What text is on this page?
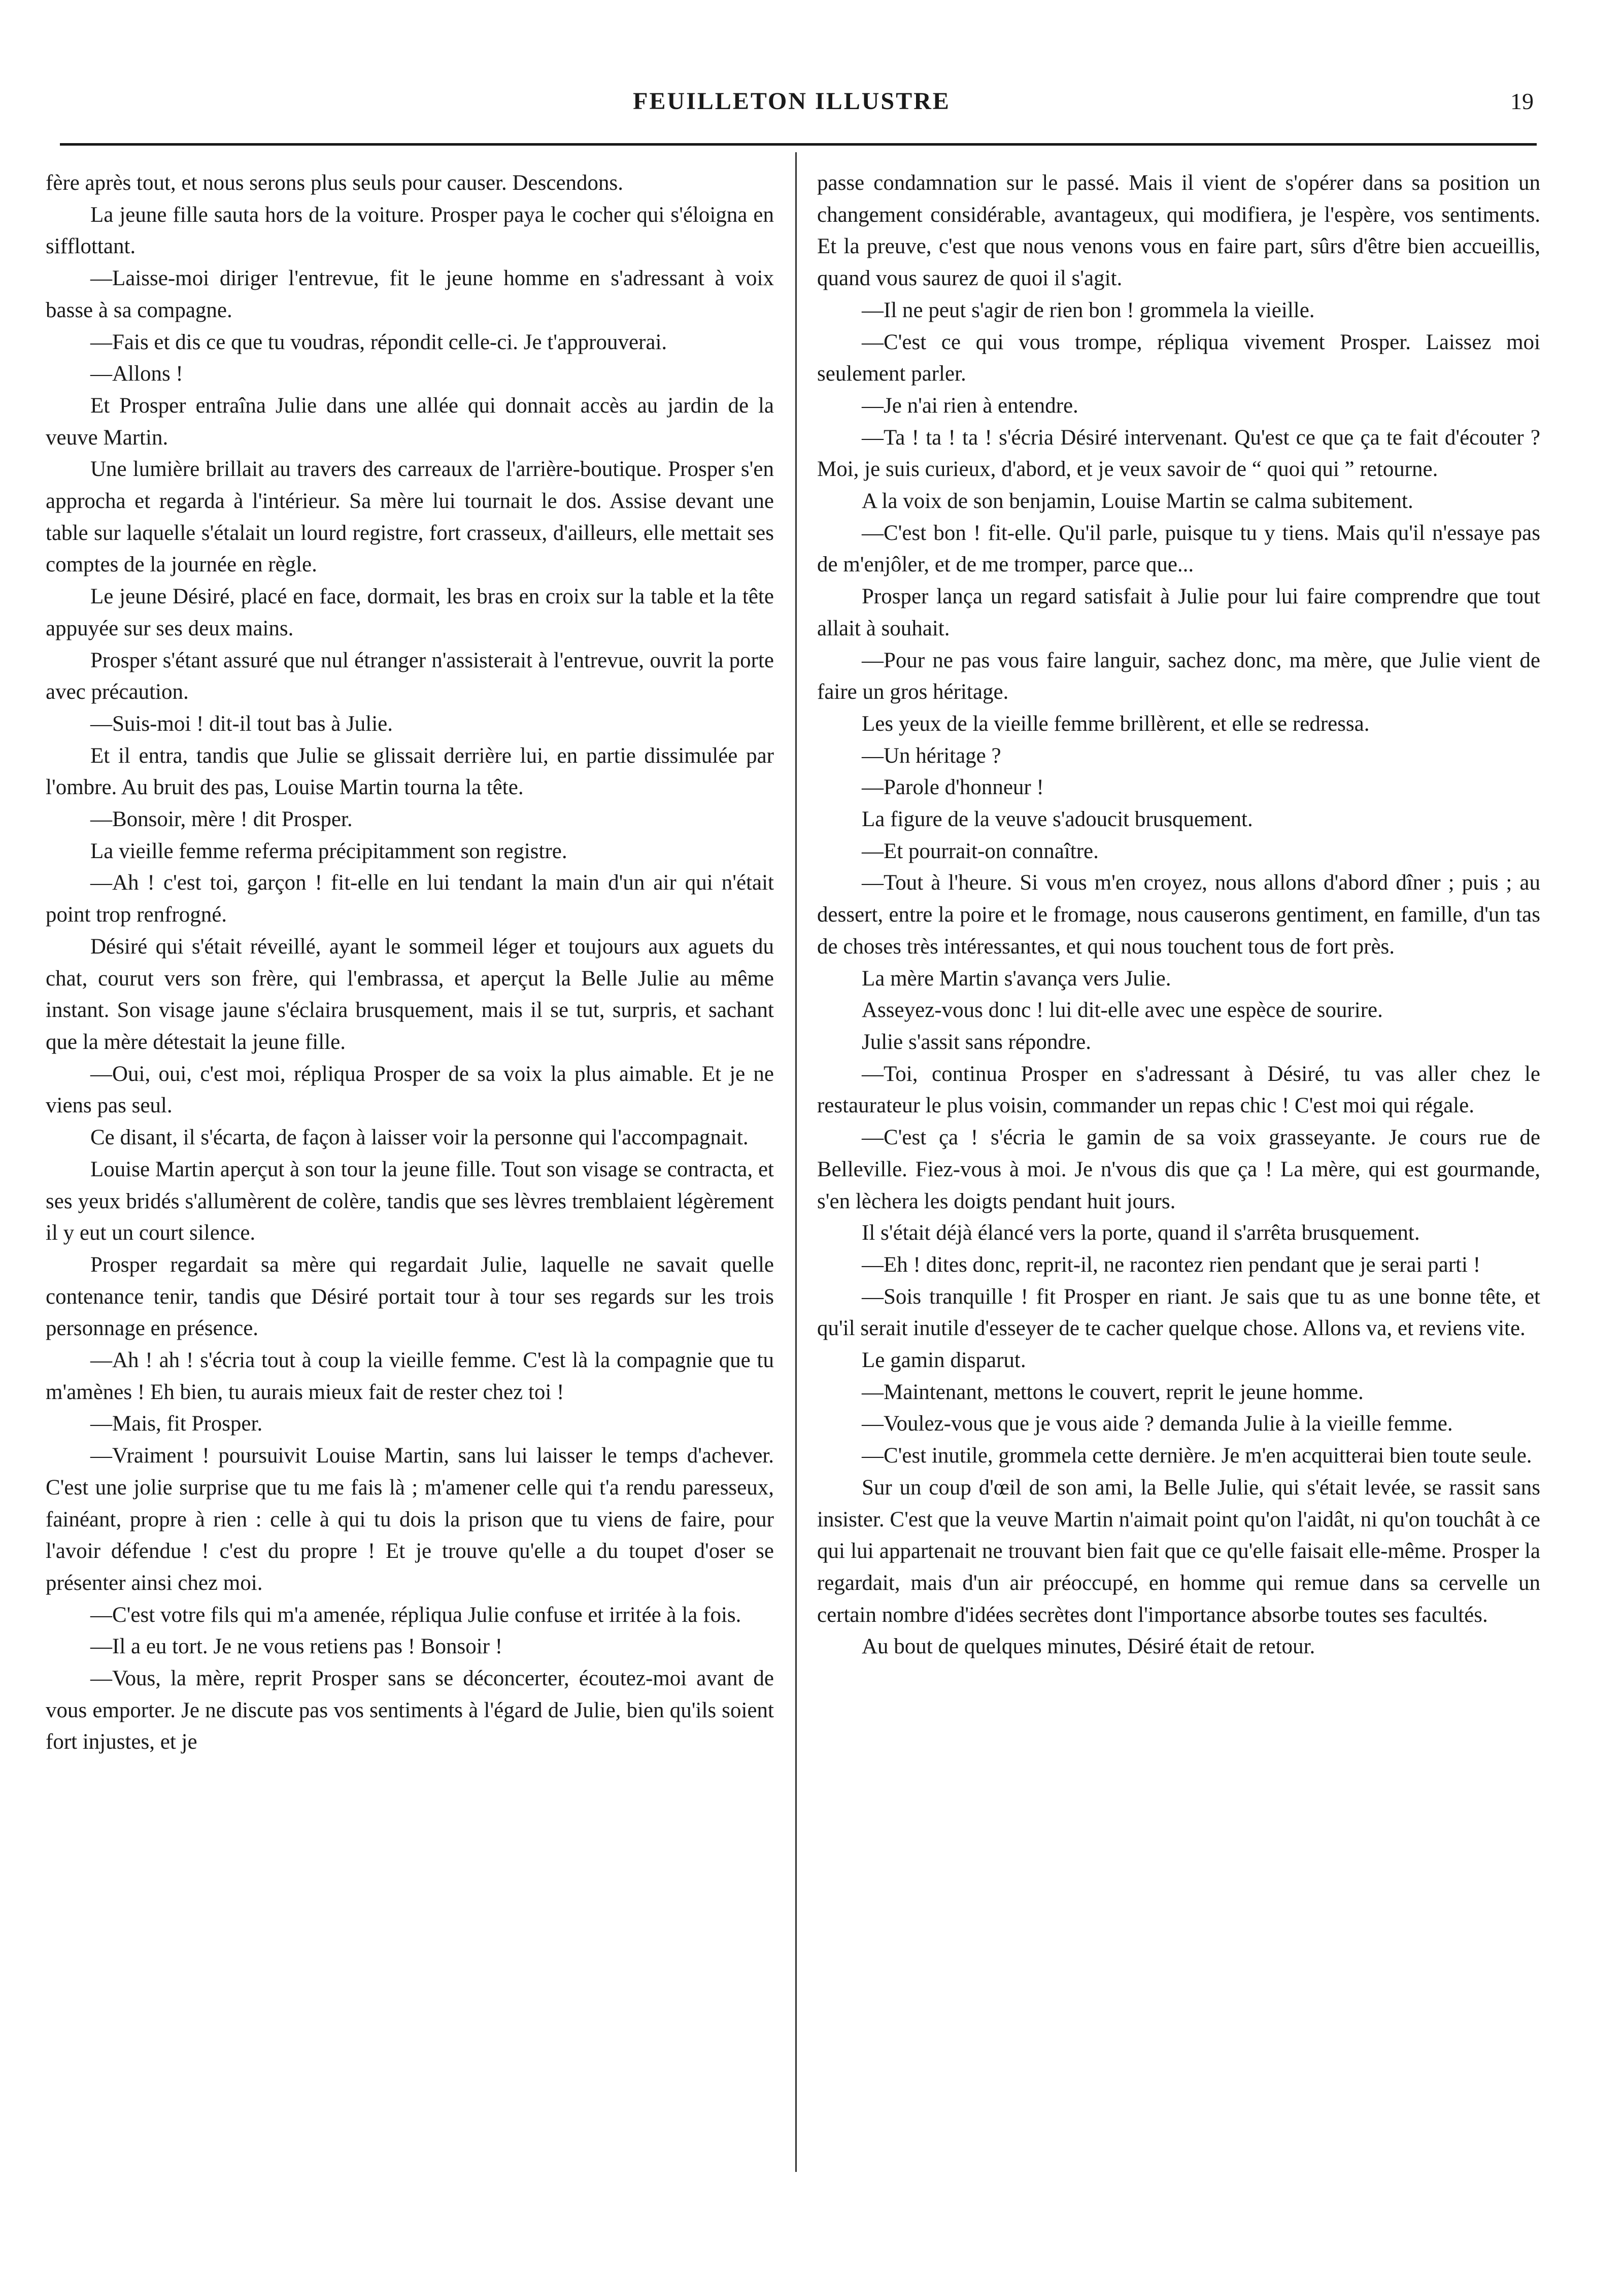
FEUILLETON ILLUSTRE	19

fère après tout, et nous serons plus seuls pour causer. Descendons.

La jeune fille sauta hors de la voiture. Prosper paya le cocher qui s'éloigna en sifflottant.

—Laisse-moi diriger l'entrevue, fit le jeune homme en s'adressant à voix basse à sa compagne.

—Fais et dis ce que tu voudras, répondit celle-ci. Je t'approuverai.

—Allons !

Et Prosper entraîna Julie dans une allée qui donnait accès au jardin de la veuve Martin.

Une lumière brillait au travers des carreaux de l'arrière-boutique. Prosper s'en approcha et regarda à l'intérieur. Sa mère lui tournait le dos. Assise devant une table sur laquelle s'étalait un lourd registre, fort crasseux, d'ailleurs, elle mettait ses comptes de la journée en règle.

Le jeune Désiré, placé en face, dormait, les bras en croix sur la table et la tête appuyée sur ses deux mains.

Prosper s'étant assuré que nul étranger n'assisterait à l'entrevue, ouvrit la porte avec précaution.

—Suis-moi ! dit-il tout bas à Julie.

Et il entra, tandis que Julie se glissait derrière lui, en partie dissimulée par l'ombre. Au bruit des pas, Louise Martin tourna la tête.

—Bonsoir, mère ! dit Prosper.

La vieille femme referma précipitamment son registre.

—Ah ! c'est toi, garçon ! fit-elle en lui tendant la main d'un air qui n'était point trop renfrogné.

Désiré qui s'était réveillé, ayant le sommeil léger et toujours aux aguets du chat, courut vers son frère, qui l'embrassa, et aperçut la Belle Julie au même instant. Son visage jaune s'éclaira brusquement, mais il se tut, surpris, et sachant que la mère détestait la jeune fille.

—Oui, oui, c'est moi, répliqua Prosper de sa voix la plus aimable. Et je ne viens pas seul.

Ce disant, il s'écarta, de façon à laisser voir la personne qui l'accompagnait.

Louise Martin aperçut à son tour la jeune fille. Tout son visage se contracta, et ses yeux bridés s'allumèrent de colère, tandis que ses lèvres tremblaient légèrement il y eut un court silence.

Prosper regardait sa mère qui regardait Julie, laquelle ne savait quelle contenance tenir, tandis que Désiré portait tour à tour ses regards sur les trois personnage en présence.

—Ah ! ah ! s'écria tout à coup la vieille femme. C'est là la compagnie que tu m'amènes ! Eh bien, tu aurais mieux fait de rester chez toi !

—Mais, fit Prosper.

—Vraiment ! poursuivit Louise Martin, sans lui laisser le temps d'achever. C'est une jolie surprise que tu me fais là ; m'amener celle qui t'a rendu paresseux, fainéant, propre à rien : celle à qui tu dois la prison que tu viens de faire, pour l'avoir défendue ! c'est du propre ! Et je trouve qu'elle a du toupet d'oser se présenter ainsi chez moi.

—C'est votre fils qui m'a amenée, répliqua Julie confuse et irritée à la fois.

—Il a eu tort. Je ne vous retiens pas ! Bonsoir !

—Vous, la mère, reprit Prosper sans se déconcerter, écoutez-moi avant de vous emporter. Je ne discute pas vos sentiments à l'égard de Julie, bien qu'ils soient fort injustes, et je

passe condamnation sur le passé. Mais il vient de s'opérer dans sa position un changement considérable, avantageux, qui modifiera, je l'espère, vos sentiments. Et la preuve, c'est que nous venons vous en faire part, sûrs d'être bien accueillis, quand vous saurez de quoi il s'agit.

—Il ne peut s'agir de rien bon ! grommela la vieille.

—C'est ce qui vous trompe, répliqua vivement Prosper. Laissez moi seulement parler.

—Je n'ai rien à entendre.

—Ta ! ta ! ta ! s'écria Désiré intervenant. Qu'est ce que ça te fait d'écouter ? Moi, je suis curieux, d'abord, et je veux savoir de “ quoi qui ” retourne.

A la voix de son benjamin, Louise Martin se calma subitement.

—C'est bon ! fit-elle. Qu'il parle, puisque tu y tiens. Mais qu'il n'essaye pas de m'enjôler, et de me tromper, parce que...

Prosper lança un regard satisfait à Julie pour lui faire comprendre que tout allait à souhait.

—Pour ne pas vous faire languir, sachez donc, ma mère, que Julie vient de faire un gros héritage.

Les yeux de la vieille femme brillèrent, et elle se redressa.

—Un héritage ?

—Parole d'honneur !

La figure de la veuve s'adoucit brusquement.

—Et pourrait-on connaître.

—Tout à l'heure. Si vous m'en croyez, nous allons d'abord dîner ; puis ; au dessert, entre la poire et le fromage, nous causerons gentiment, en famille, d'un tas de choses très intéressantes, et qui nous touchent tous de fort près.

La mère Martin s'avança vers Julie.

Asseyez-vous donc ! lui dit-elle avec une espèce de sourire.

Julie s'assit sans répondre.

—Toi, continua Prosper en s'adressant à Désiré, tu vas aller chez le restaurateur le plus voisin, commander un repas chic ! C'est moi qui régale.

—C'est ça ! s'écria le gamin de sa voix grasseyante. Je cours rue de Belleville. Fiez-vous à moi. Je n'vous dis que ça ! La mère, qui est gourmande, s'en lèchera les doigts pendant huit jours.

Il s'était déjà élancé vers la porte, quand il s'arrêta brusquement.

—Eh ! dites donc, reprit-il, ne racontez rien pendant que je serai parti !

—Sois tranquille ! fit Prosper en riant. Je sais que tu as une bonne tête, et qu'il serait inutile d'esseyer de te cacher quelque chose. Allons va, et reviens vite.

Le gamin disparut.

—Maintenant, mettons le couvert, reprit le jeune homme.

—Voulez-vous que je vous aide ? demanda Julie à la vieille femme.

—C'est inutile, grommela cette dernière. Je m'en acquitterai bien toute seule.

Sur un coup d'œil de son ami, la Belle Julie, qui s'était levée, se rassit sans insister. C'est que la veuve Martin n'aimait point qu'on l'aidât, ni qu'on touchât à ce qui lui appartenait ne trouvant bien fait que ce qu'elle faisait elle-même. Prosper la regardait, mais d'un air préoccupé, en homme qui remue dans sa cervelle un certain nombre d'idées secrètes dont l'importance absorbe toutes ses facultés.

Au bout de quelques minutes, Désiré était de retour.
